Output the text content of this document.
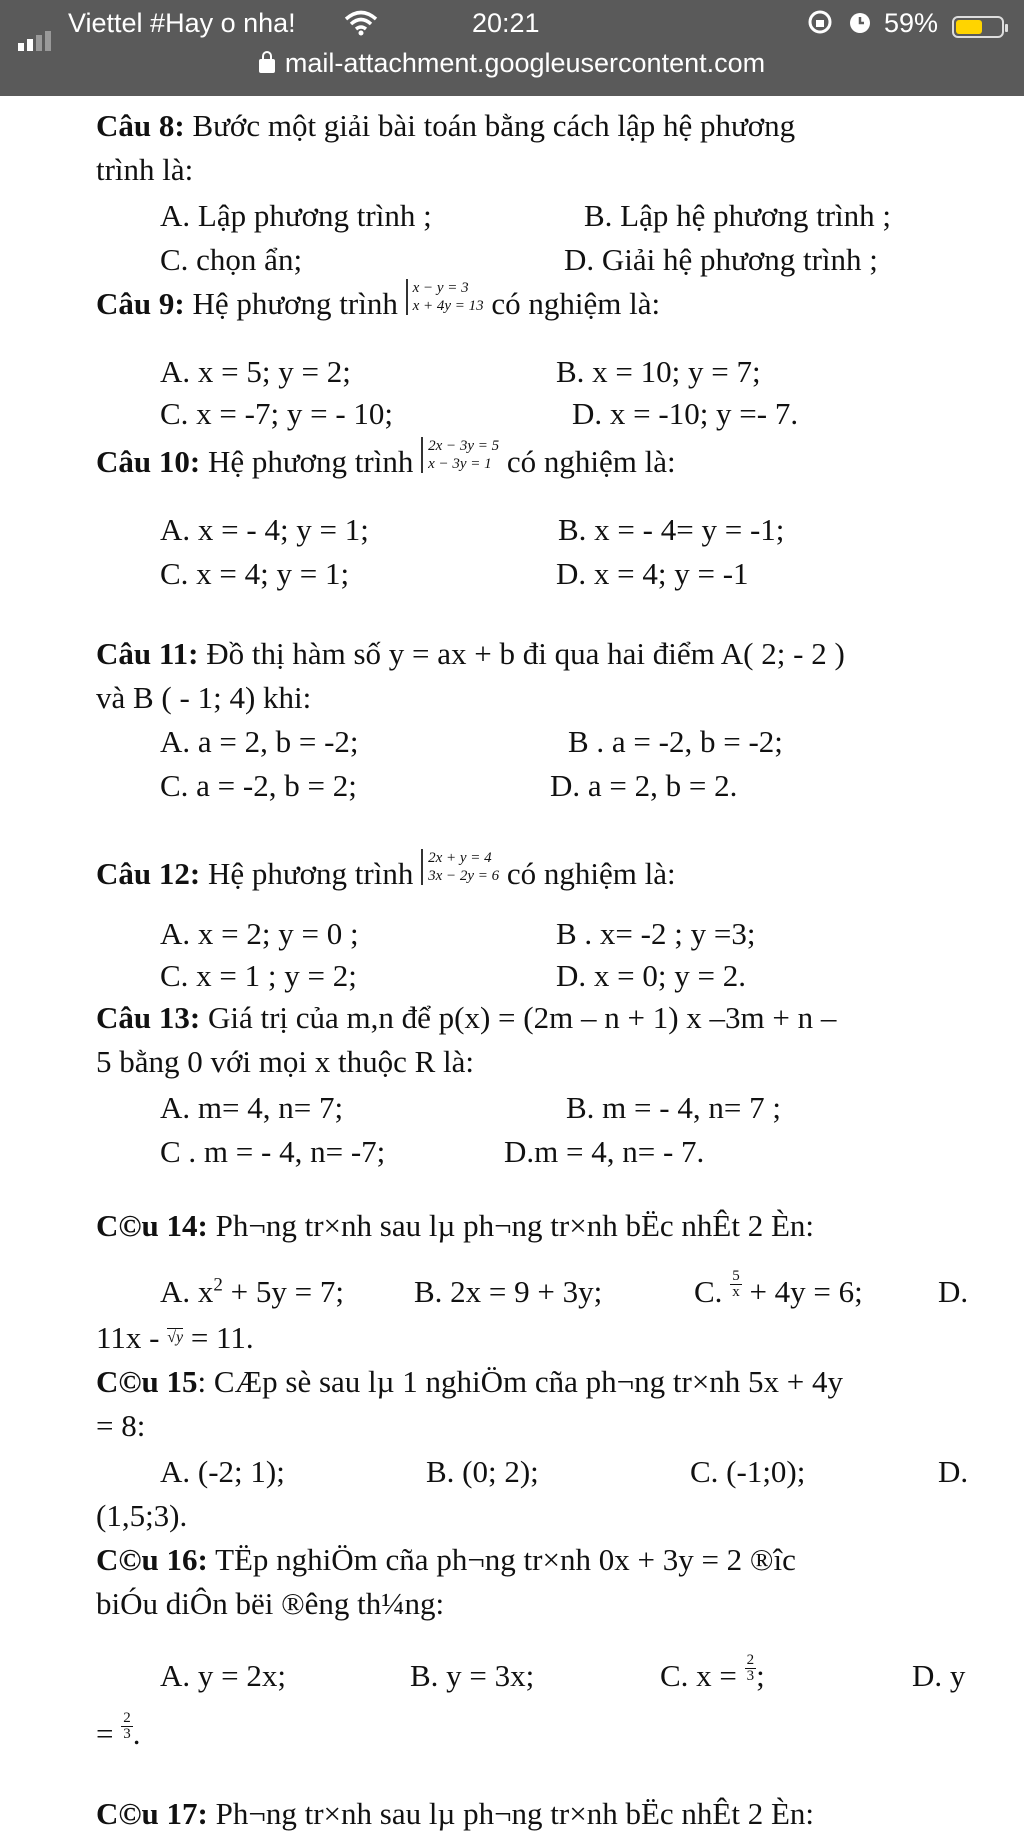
Viettel #Hay o nha!	20:21	59%
mail-attachment.googleusercontent.com
Câu 8: Bước một giải bài toán bằng cách lập hệ phương
trình là:
A. Lập phương trình ;	B. Lập hệ phương trình ;
C. chọn ẩn;	D. Giải hệ phương trình ;
Câu 9: Hệ phương trình x − y = 3
x + 4y = 13 có nghiệm là:
A. x = 5; y = 2;	B. x = 10; y = 7;
C. x = -7; y = - 10;	D. x = -10; y =- 7.
Câu 10: Hệ phương trình 2x − 3y = 5
x − 3y = 1 có nghiệm là:
A. x = - 4; y = 1;	B. x = - 4= y = -1;
C. x = 4; y = 1;	D. x = 4; y = -1
Câu 11: Đồ thị hàm số y = ax + b đi qua hai điểm A( 2; - 2 )
và B ( - 1; 4) khi:
A. a = 2, b = -2;	B . a = -2, b = -2;
C. a = -2, b = 2;	D. a = 2, b = 2.
Câu 12: Hệ phương trình 2x + y = 4
3x − 2y = 6 có nghiệm là:
A. x = 2; y = 0 ;	B . x= -2 ; y =3;
C. x = 1 ; y = 2;	D. x = 0; y = 2.
Câu 13: Giá trị của m,n để p(x) = (2m – n + 1) x –3m + n –
5 bằng 0 với mọi x thuộc R là:
A. m= 4, n= 7;	B. m = - 4, n= 7 ;
C . m = - 4, n= -7;	D.m = 4, n= - 7.
C©u 14: Ph¬ng tr×nh sau lµ ph¬ng tr×nh bËc nhÊt 2 Èn:
A. $x^2 + 5y = 7$; B. 2x = 9 + 3y;	C. $\frac{5}{x} + 4y = 6$; D.
11x - √y = 11.
C©u 15: CÆp sè sau lµ 1 nghiÖm cña ph¬ng tr×nh 5x + 4y
= 8:
A. (-2; 1);	B. (0; 2);	C. (-1;0);	D.
(1,5;3).
C©u 16: TËp nghiÖm cña ph¬ng tr×nh 0x + 3y = 2 ®îc
biÓu diÔn bëi ®êng th¼ng:
A. y = 2x;	B. y = 3x;	C. $x = \frac{2}{3}$ ;	D. y
= $\frac{2}{3}$ .
C©u 17: Ph¬ng tr×nh sau lµ ph¬ng tr×nh bËc nhÊt 2 Èn:
